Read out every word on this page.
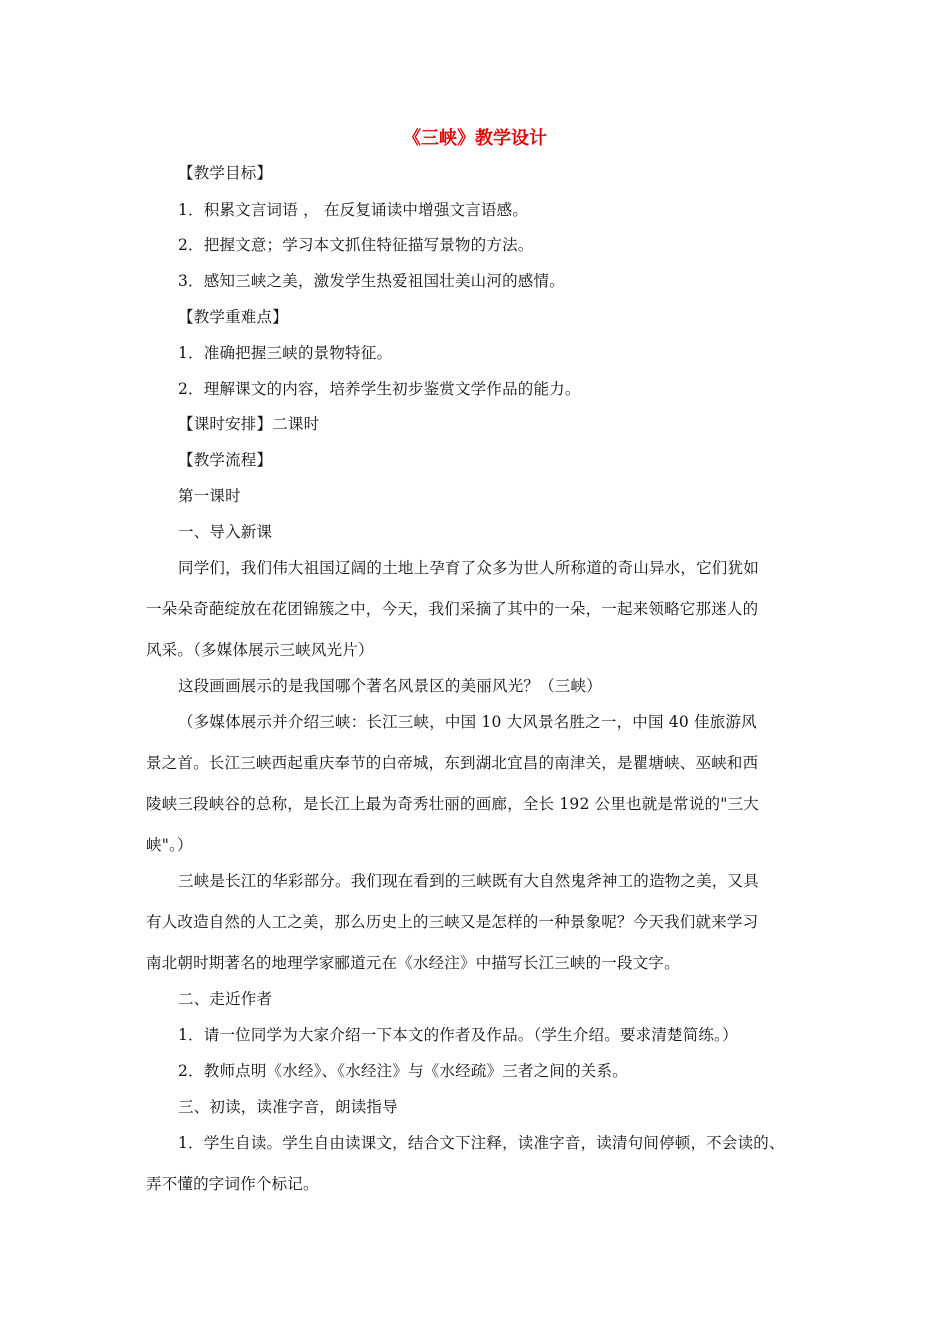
《三峡》教学设计
【教学目标】
1．积累文言词语 ， 在反复诵读中增强文言语感。
2．把握文意；学习本文抓住特征描写景物的方法。
3．感知三峡之美，激发学生热爱祖国壮美山河的感情。
【教学重难点】
1．准确把握三峡的景物特征。
2．理解课文的内容，培养学生初步鉴赏文学作品的能力。
【课时安排】二课时
【教学流程】
第一课时
一、导入新课
同学们，我们伟大祖国辽阔的土地上孕育了众多为世人所称道的奇山异水，它们犹如
一朵朵奇葩绽放在花团锦簇之中，今天，我们采摘了其中的一朵，一起来领略它那迷人的
风采。（多媒体展示三峡风光片）
这段画画展示的是我国哪个著名风景区的美丽风光？（三峡）
（多媒体展示并介绍三峡：长江三峡，中国 10 大风景名胜之一，中国 40 佳旅游风
景之首。长江三峡西起重庆奉节的白帝城，东到湖北宜昌的南津关，是瞿塘峡、巫峡和西
陵峡三段峡谷的总称，是长江上最为奇秀壮丽的画廊，全长 192 公里也就是常说的"三大
峡"。）
三峡是长江的华彩部分。我们现在看到的三峡既有大自然鬼斧神工的造物之美，又具
有人改造自然的人工之美，那么历史上的三峡又是怎样的一种景象呢？今天我们就来学习
南北朝时期著名的地理学家郦道元在《水经注》中描写长江三峡的一段文字。
二、走近作者
1．请一位同学为大家介绍一下本文的作者及作品。（学生介绍。要求清楚简练。）
2．教师点明《水经》、《水经注》与《水经疏》三者之间的关系。
三、初读，读准字音，朗读指导
1．学生自读。学生自由读课文，结合文下注释，读准字音，读清句间停顿，不会读的、
弄不懂的字词作个标记。
